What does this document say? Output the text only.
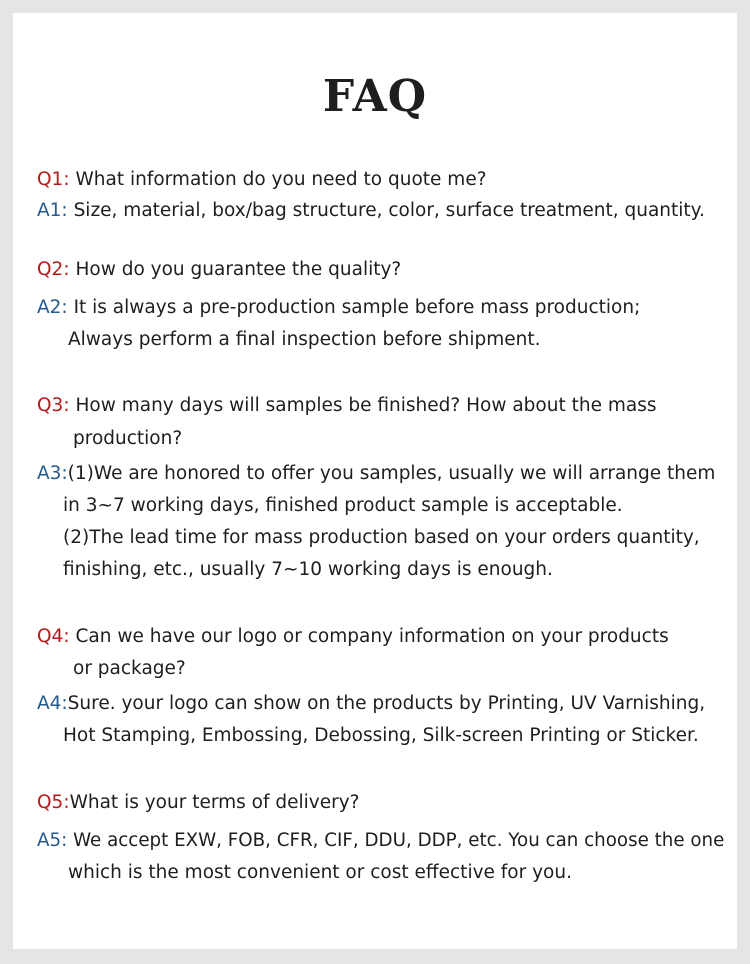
FAQ
Q1: What information do you need to quote me?
A1: Size, material, box/bag structure, color, surface treatment, quantity.
Q2: How do you guarantee the quality?
A2: It is always a pre-production sample before mass production;
Always perform a final inspection before shipment.
Q3: How many days will samples be finished? How about the mass
production?
A3:(1)We are honored to offer you samples, usually we will arrange them
in 3~7 working days, finished product sample is acceptable.
(2)The lead time for mass production based on your orders quantity,
finishing, etc., usually 7~10 working days is enough.
Q4: Can we have our logo or company information on your products
or package?
A4:Sure. your logo can show on the products by Printing, UV Varnishing,
Hot Stamping, Embossing, Debossing, Silk-screen Printing or Sticker.
Q5:What is your terms of delivery?
A5: We accept EXW, FOB, CFR, CIF, DDU, DDP, etc. You can choose the one
which is the most convenient or cost effective for you.
